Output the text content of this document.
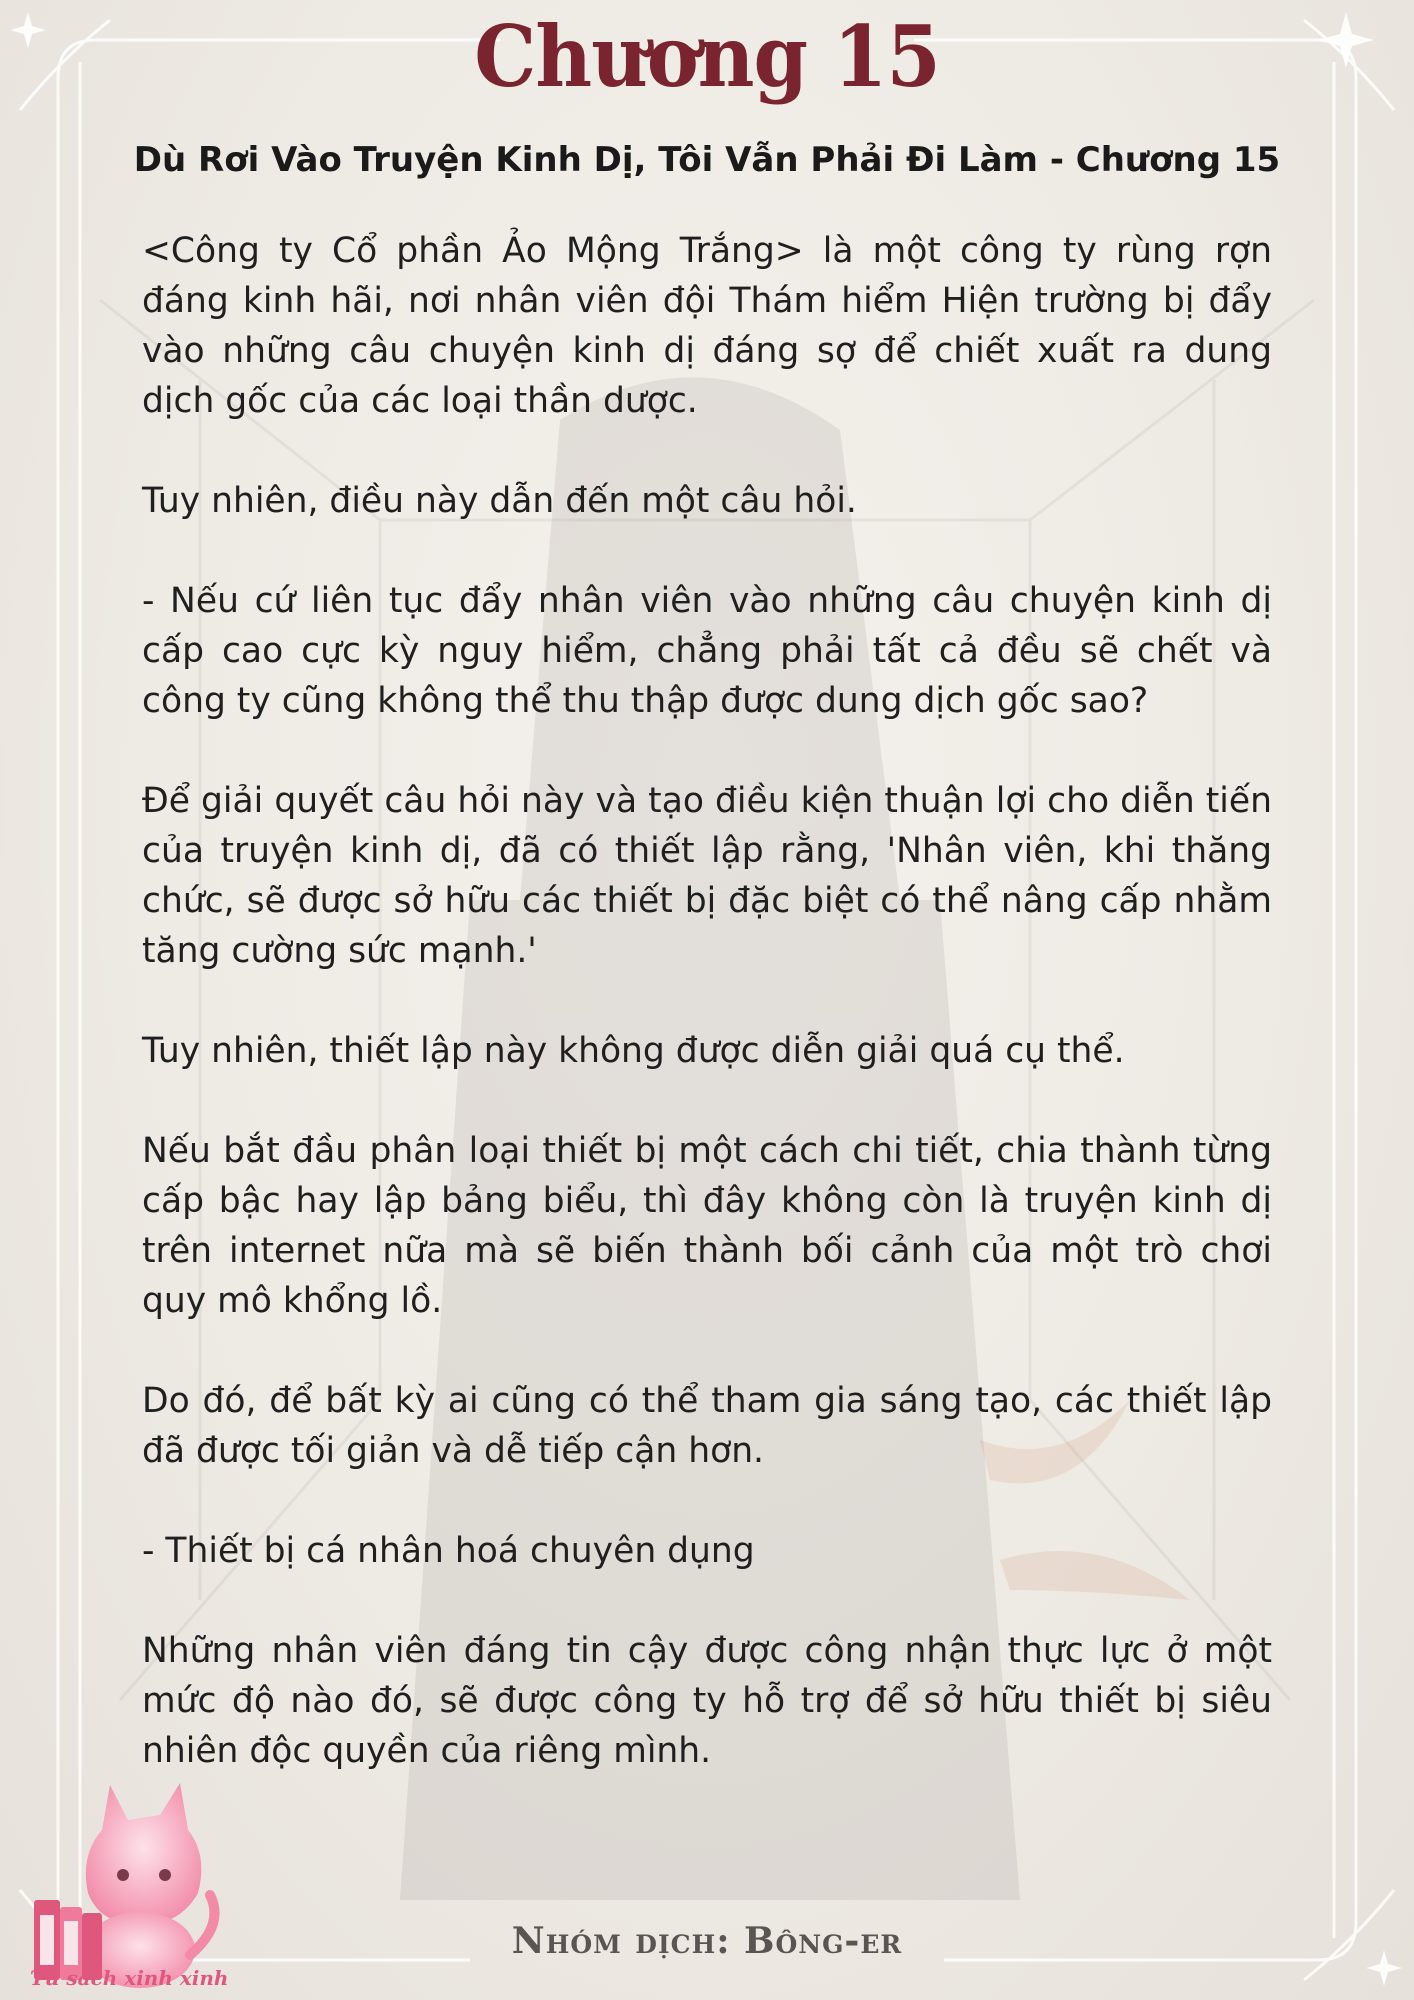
Chương 15
Dù Rơi Vào Truyện Kinh Dị, Tôi Vẫn Phải Đi Làm - Chương 15

<Công ty Cổ phần Ảo Mộng Trắng> là một công ty rùng rợn đáng kinh hãi, nơi nhân viên đội Thám hiểm Hiện trường bị đẩy vào những câu chuyện kinh dị đáng sợ để chiết xuất ra dung dịch gốc của các loại thần dược.

Tuy nhiên, điều này dẫn đến một câu hỏi.

- Nếu cứ liên tục đẩy nhân viên vào những câu chuyện kinh dị cấp cao cực kỳ nguy hiểm, chẳng phải tất cả đều sẽ chết và công ty cũng không thể thu thập được dung dịch gốc sao?

Để giải quyết câu hỏi này và tạo điều kiện thuận lợi cho diễn tiến của truyện kinh dị, đã có thiết lập rằng, 'Nhân viên, khi thăng chức, sẽ được sở hữu các thiết bị đặc biệt có thể nâng cấp nhằm tăng cường sức mạnh.'

Tuy nhiên, thiết lập này không được diễn giải quá cụ thể.

Nếu bắt đầu phân loại thiết bị một cách chi tiết, chia thành từng cấp bậc hay lập bảng biểu, thì đây không còn là truyện kinh dị trên internet nữa mà sẽ biến thành bối cảnh của một trò chơi quy mô khổng lồ.

Do đó, để bất kỳ ai cũng có thể tham gia sáng tạo, các thiết lập đã được tối giản và dễ tiếp cận hơn.

- Thiết bị cá nhân hoá chuyên dụng

Những nhân viên đáng tin cậy được công nhận thực lực ở một mức độ nào đó, sẽ được công ty hỗ trợ để sở hữu thiết bị siêu nhiên độc quyền của riêng mình.

Tủ sách xinh xinh
Nhóm dịch: Bông-er
